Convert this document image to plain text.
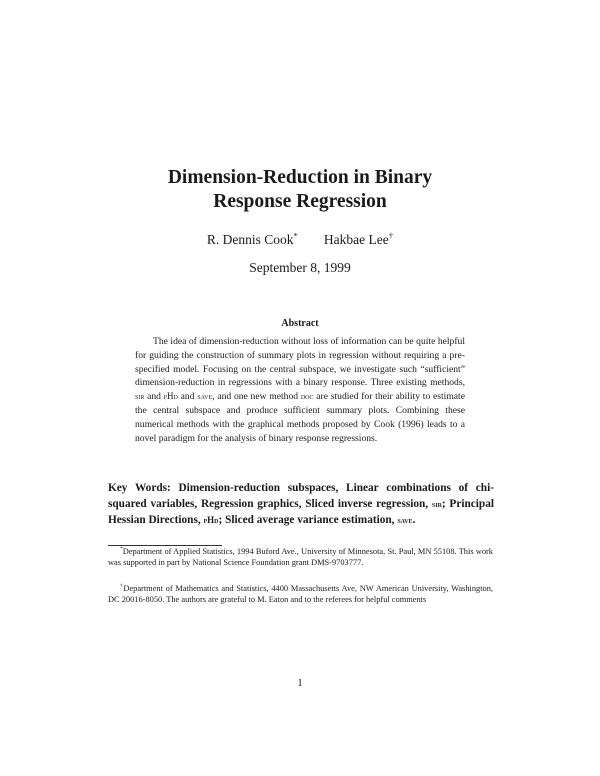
Dimension-Reduction in Binary
Response Regression
R. Dennis Cook* Hakbae Lee†
September 8, 1999
Abstract
The idea of dimension-reduction without loss of information can be quite helpful for guiding the construction of summary plots in regression without requiring a pre-specified model. Focusing on the central subspace, we investigate such “sufficient” dimension-reduction in regressions with a binary response. Three existing methods, sir and pHd and save, and one new method doc are studied for their ability to estimate the central subspace and produce sufficient summary plots. Combining these numerical methods with the graphical methods proposed by Cook (1996) leads to a novel paradigm for the analysis of binary response regressions.
Key Words: Dimension-reduction subspaces, Linear combinations of chi-squared variables, Regression graphics, Sliced inverse regression, sir; Principal Hessian Directions, pHd; Sliced average variance estimation, save.
*Department of Applied Statistics, 1994 Buford Ave., University of Minnesota, St. Paul, MN 55108. This work was supported in part by National Science Foundation grant DMS-9703777.
†Department of Mathematics and Statistics, 4400 Massachusetts Ave, NW American University, Washington, DC 20016-8050. The authors are grateful to M. Eaton and to the referees for helpful comments
1
